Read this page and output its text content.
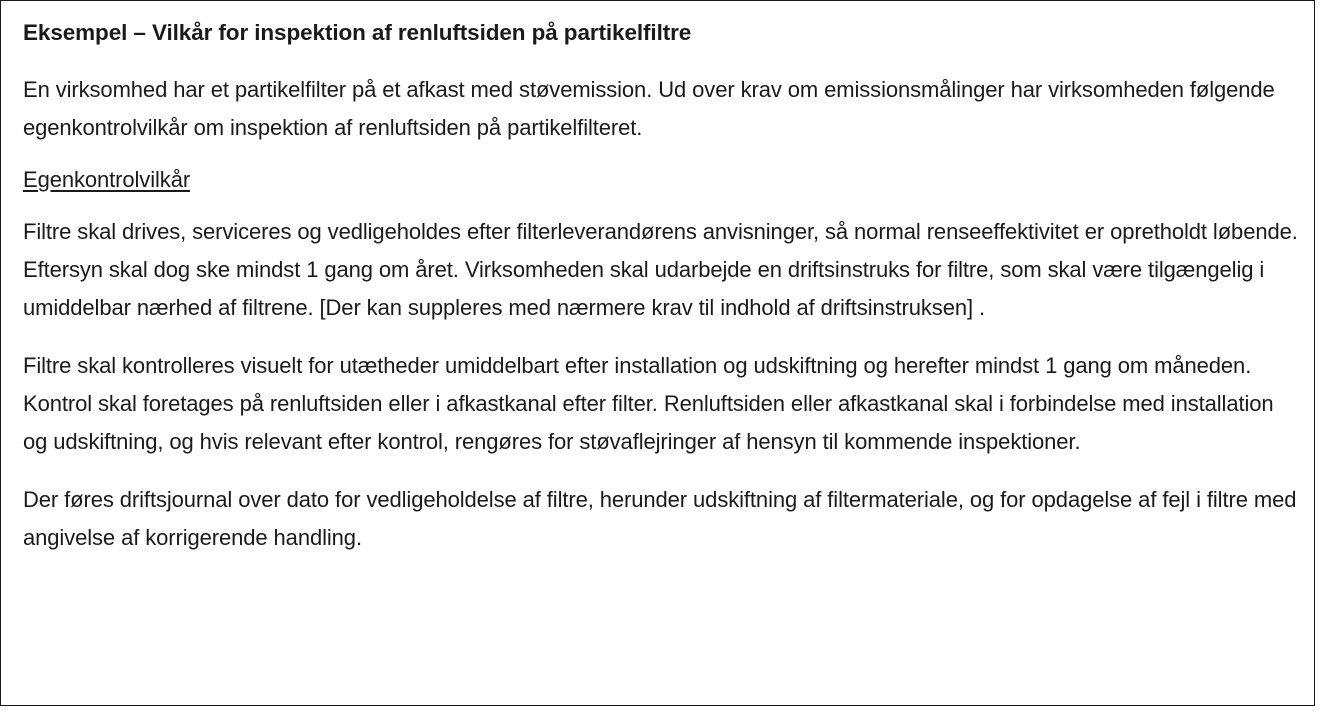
Eksempel – Vilkår for inspektion af renluftsiden på partikelfiltre
En virksomhed har et partikelfilter på et afkast med støvemission. Ud over krav om emissionsmålinger har virksomheden følgende egenkontrolvilkår om inspektion af renluftsiden på partikelfilteret.
Egenkontrolvilkår
Filtre skal drives, serviceres og vedligeholdes efter filterleverandørens anvisninger, så normal renseeffektivitet er opretholdt løbende. Eftersyn skal dog ske mindst 1 gang om året. Virksomheden skal udarbejde en driftsinstruks for filtre, som skal være tilgængelig i umiddelbar nærhed af filtrene. [Der kan suppleres med nærmere krav til indhold af driftsinstruksen] .
Filtre skal kontrolleres visuelt for utætheder umiddelbart efter installation og udskiftning og herefter mindst 1 gang om måneden. Kontrol skal foretages på renluftsiden eller i afkastkanal efter filter. Renluftsiden eller afkastkanal skal i forbindelse med installation og udskiftning, og hvis relevant efter kontrol, rengøres for støvaflejringer af hensyn til kommende inspektioner.
Der føres driftsjournal over dato for vedligeholdelse af filtre, herunder udskiftning af filtermateriale, og for opdagelse af fejl i filtre med angivelse af korrigerende handling.
